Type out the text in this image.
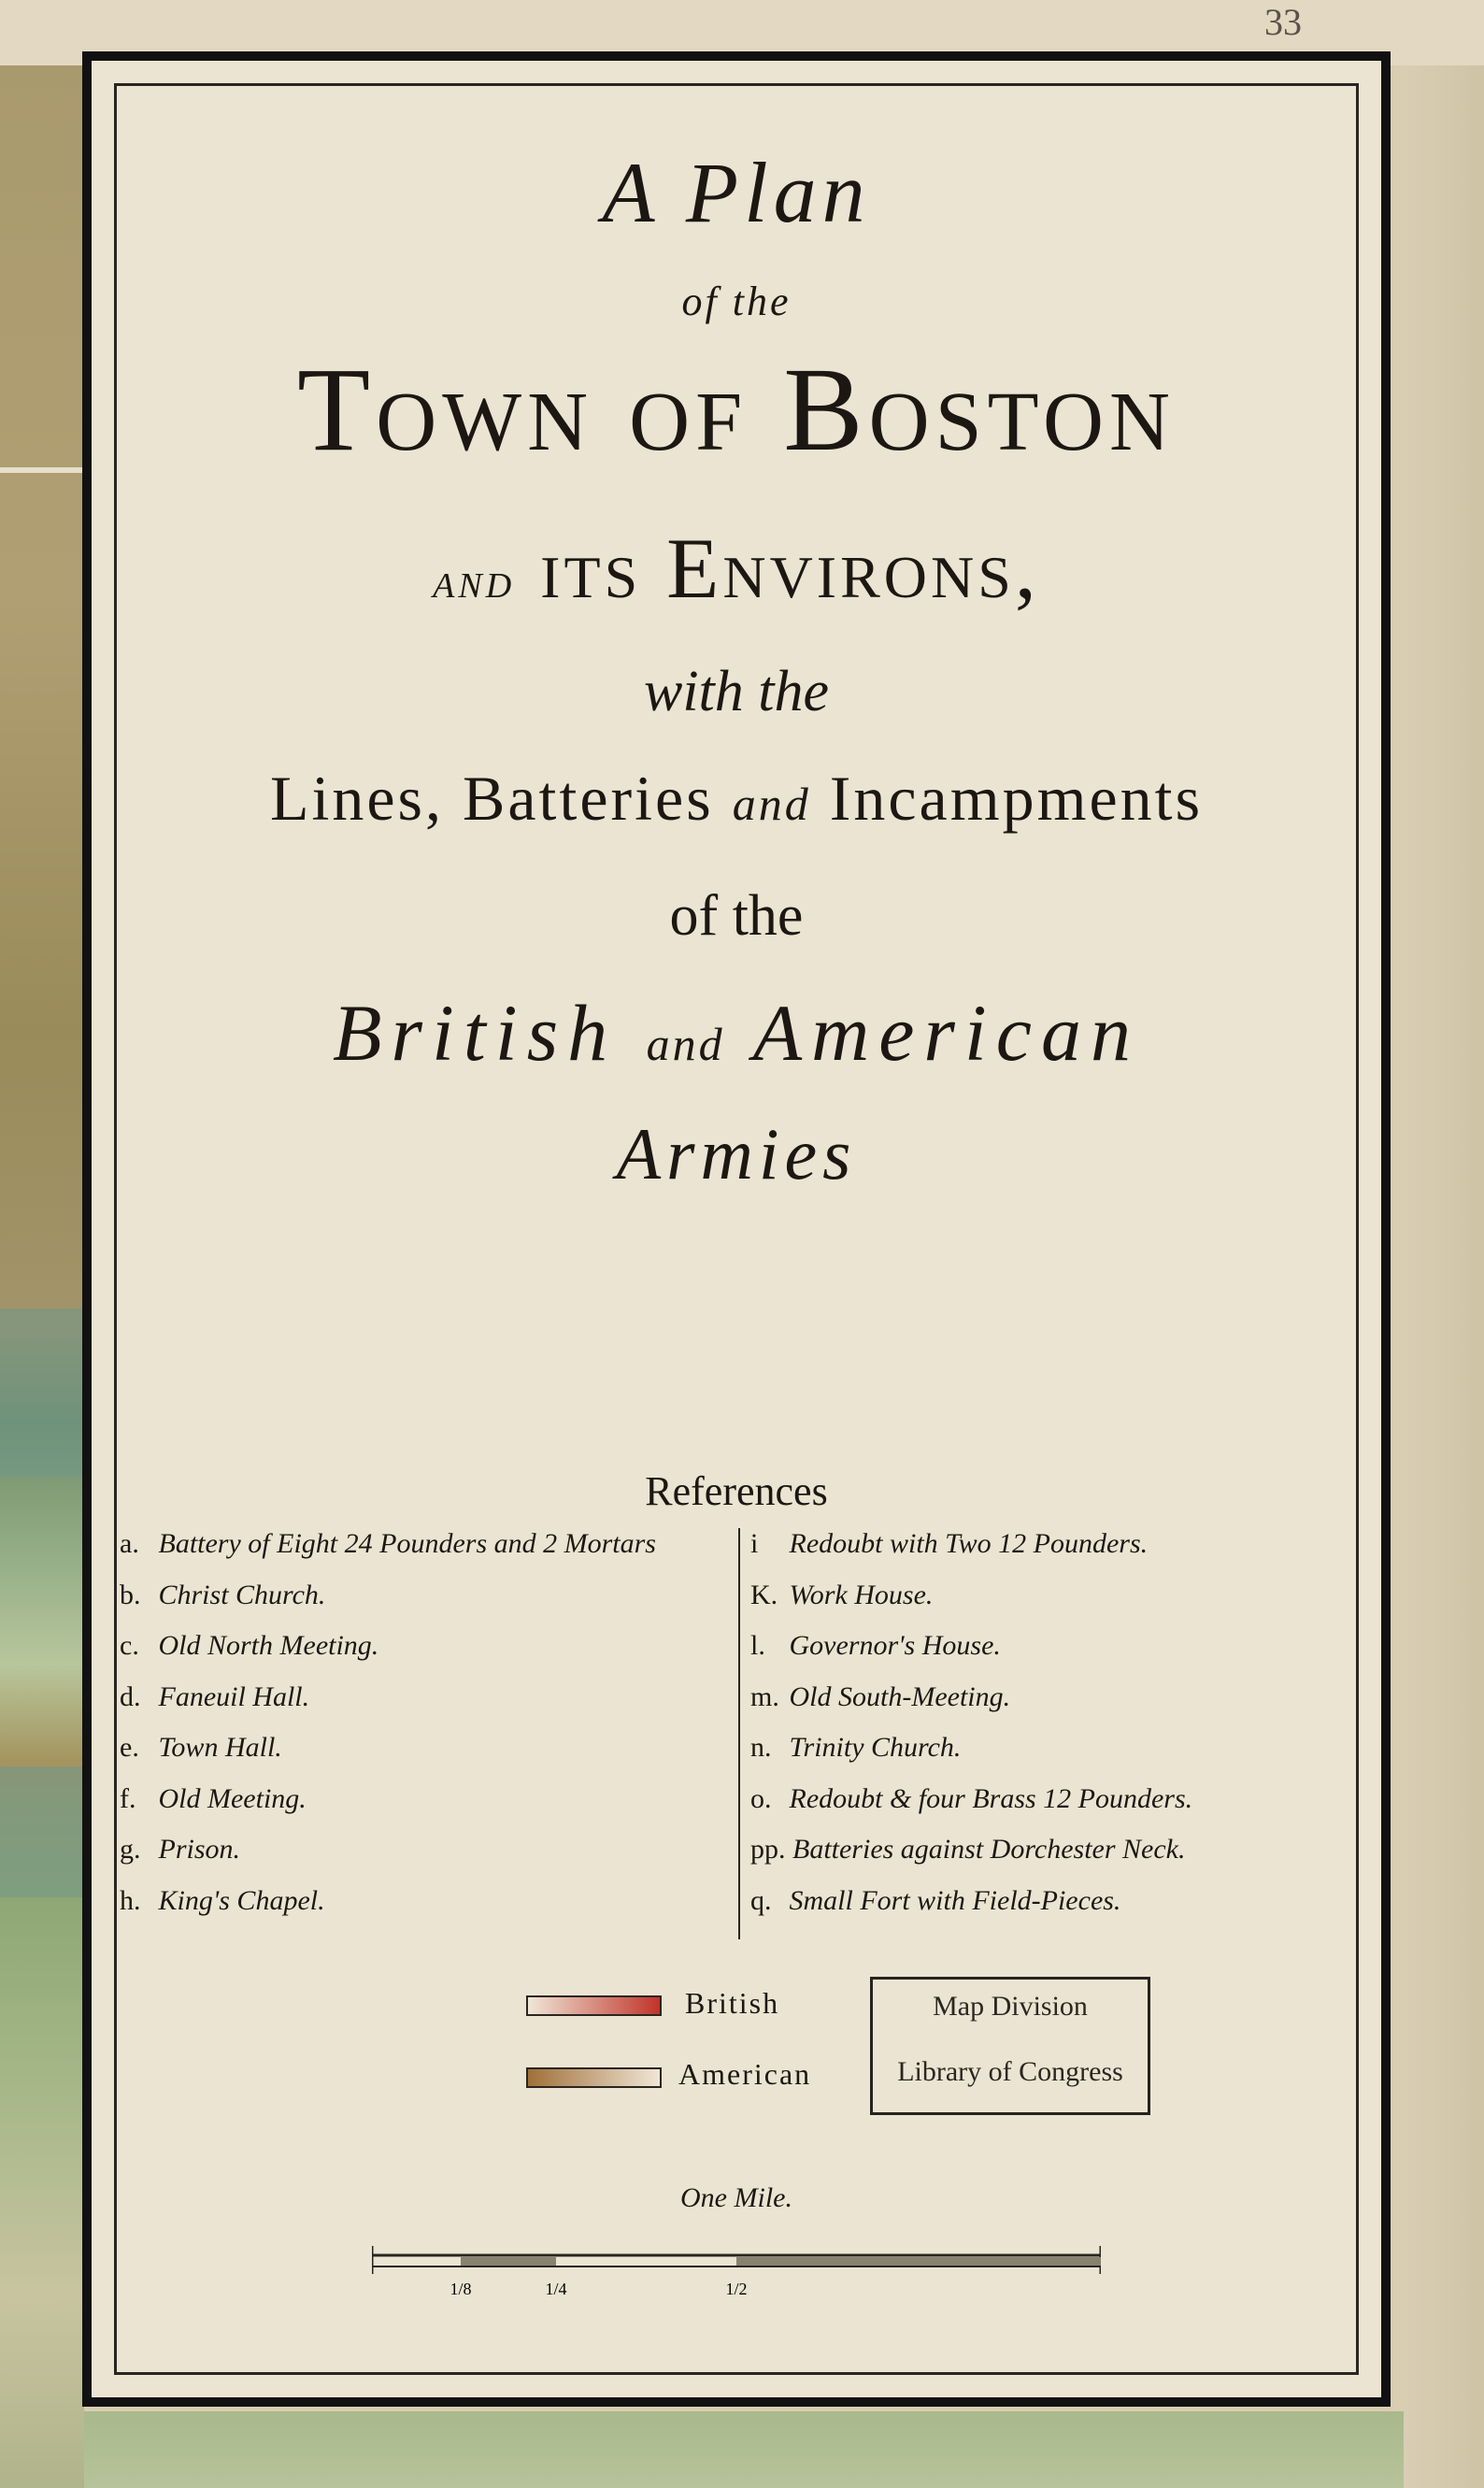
33
A Plan
of the
Town of Boston
and its Environs,
with the
Lines, Batteries and Incampments
of the
British and American
Armies
References
a. Battery of Eight 24 Pounders and 2 Mortars
b. Christ Church.
c. Old North Meeting.
d. Faneuil Hall.
e. Town Hall.
f. Old Meeting.
g. Prison.
h. King's Chapel.
i Redoubt with Two 12 Pounders.
K. Work House.
l. Governor's House.
m. Old South-Meeting.
n. Trinity Church.
o. Redoubt & four Brass 12 Pounders.
pp. Batteries against Dorchester Neck.
q. Small Fort with Field-Pieces.
British
American
Map Division
Library of Congress
One Mile.
1/8	1/4	1/2
